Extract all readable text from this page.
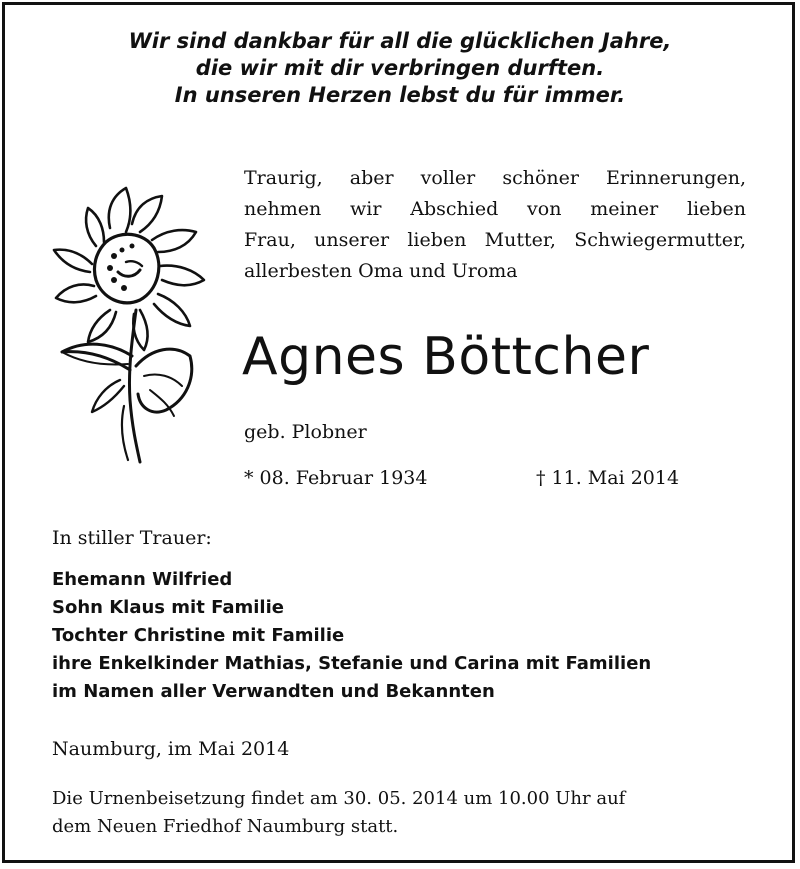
Wir sind dankbar für all die glücklichen Jahre,
die wir mit dir verbringen durften.
In unseren Herzen lebst du für immer.
Traurig, aber voller schöner Erinnerungen,
nehmen wir Abschied von meiner lieben
Frau, unserer lieben Mutter, Schwiegermutter,
allerbesten Oma und Uroma
Agnes Böttcher
geb. Plobner
* 08. Februar 1934	† 11. Mai 2014
In stiller Trauer:
Ehemann Wilfried
Sohn Klaus mit Familie
Tochter Christine mit Familie
ihre Enkelkinder Mathias, Stefanie und Carina mit Familien
im Namen aller Verwandten und Bekannten
Naumburg, im Mai 2014
Die Urnenbeisetzung findet am 30. 05. 2014 um 10.00 Uhr auf
dem Neuen Friedhof Naumburg statt.
